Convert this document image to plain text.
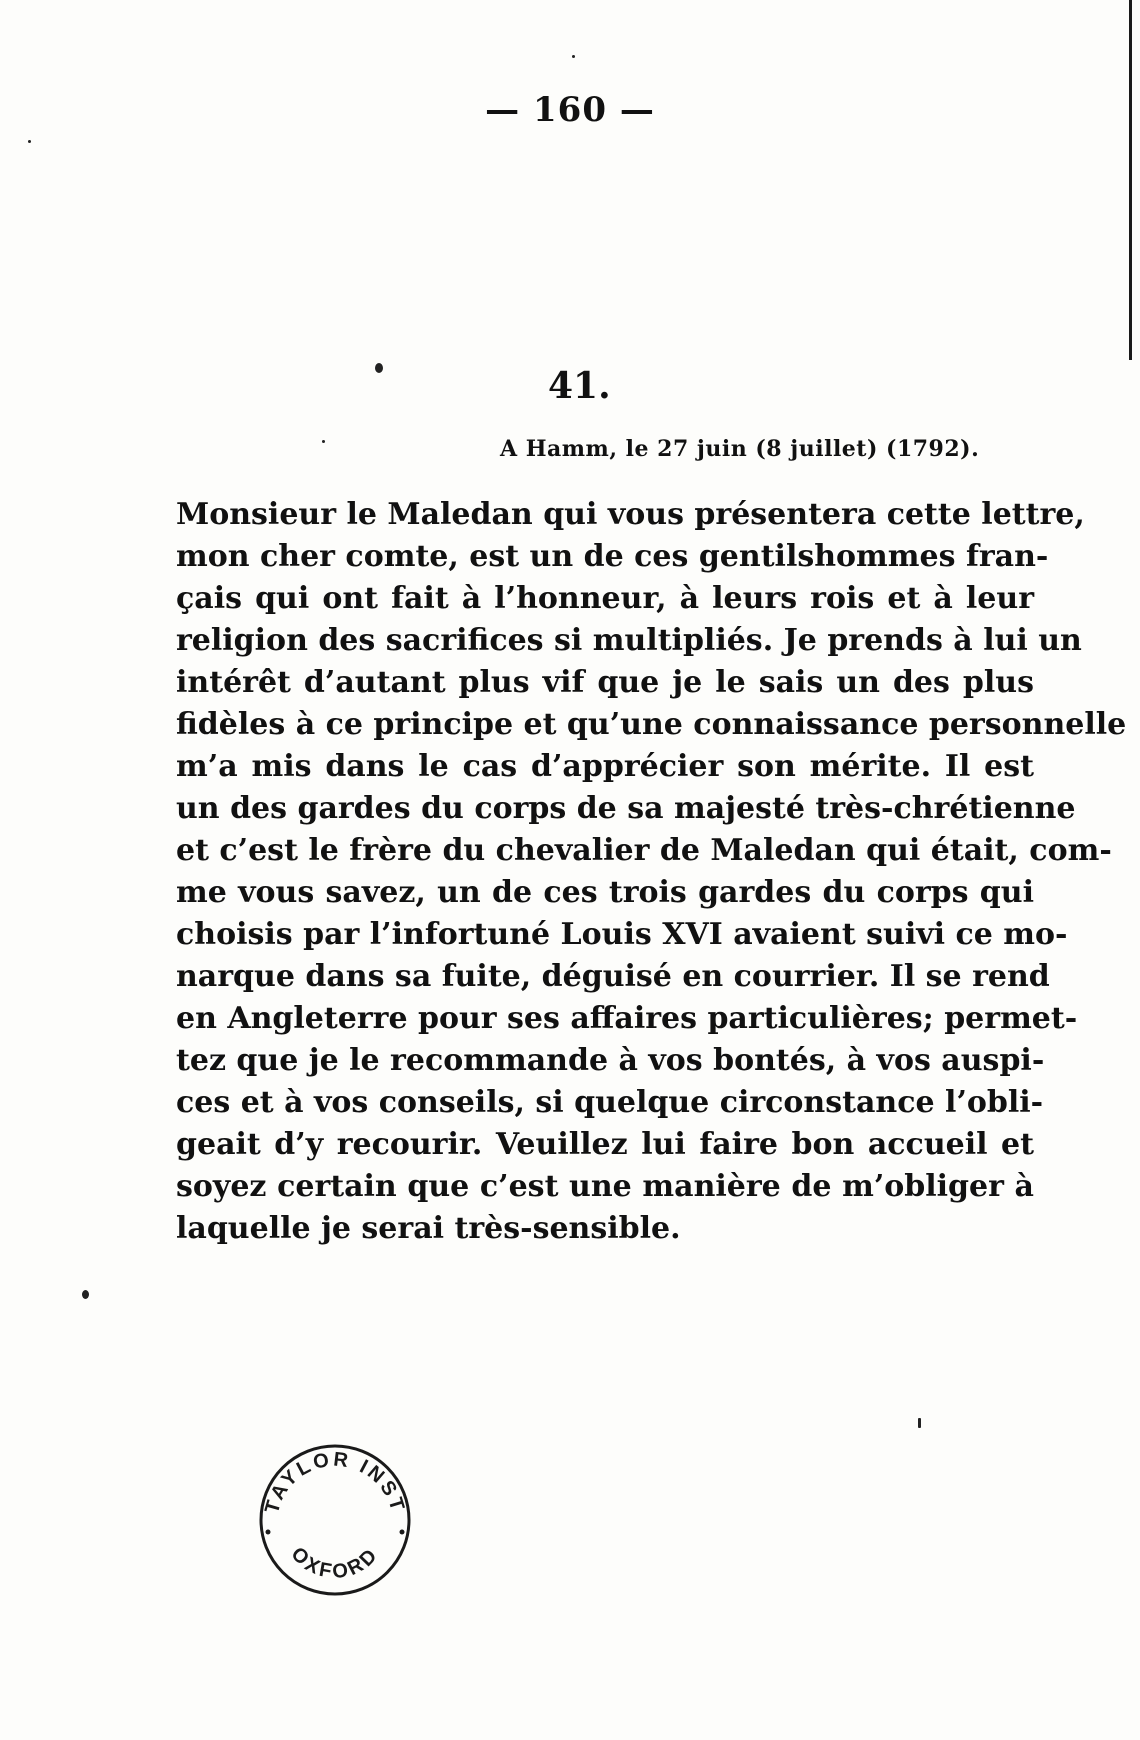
— 160 —
41.
A Hamm, le 27 juin (8 juillet) (1792).
Monsieur le Maledan qui vous présentera cette lettre,
mon cher comte, est un de ces gentilshommes fran-
çais qui ont fait à l’honneur, à leurs rois et à leur
religion des sacrifices si multipliés. Je prends à lui un
intérêt d’autant plus vif que je le sais un des plus
fidèles à ce principe et qu’une connaissance personnelle
m’a mis dans le cas d’apprécier son mérite. Il est
un des gardes du corps de sa majesté très-chrétienne
et c’est le frère du chevalier de Maledan qui était, com-
me vous savez, un de ces trois gardes du corps qui
choisis par l’infortuné Louis XVI avaient suivi ce mo-
narque dans sa fuite, déguisé en courrier. Il se rend
en Angleterre pour ses affaires particulières; permet-
tez que je le recommande à vos bontés, à vos auspi-
ces et à vos conseils, si quelque circonstance l’obli-
geait d’y recourir. Veuillez lui faire bon accueil et
soyez certain que c’est une manière de m’obliger à
laquelle je serai très-sensible.
TAYLOR INST
OXFORD
